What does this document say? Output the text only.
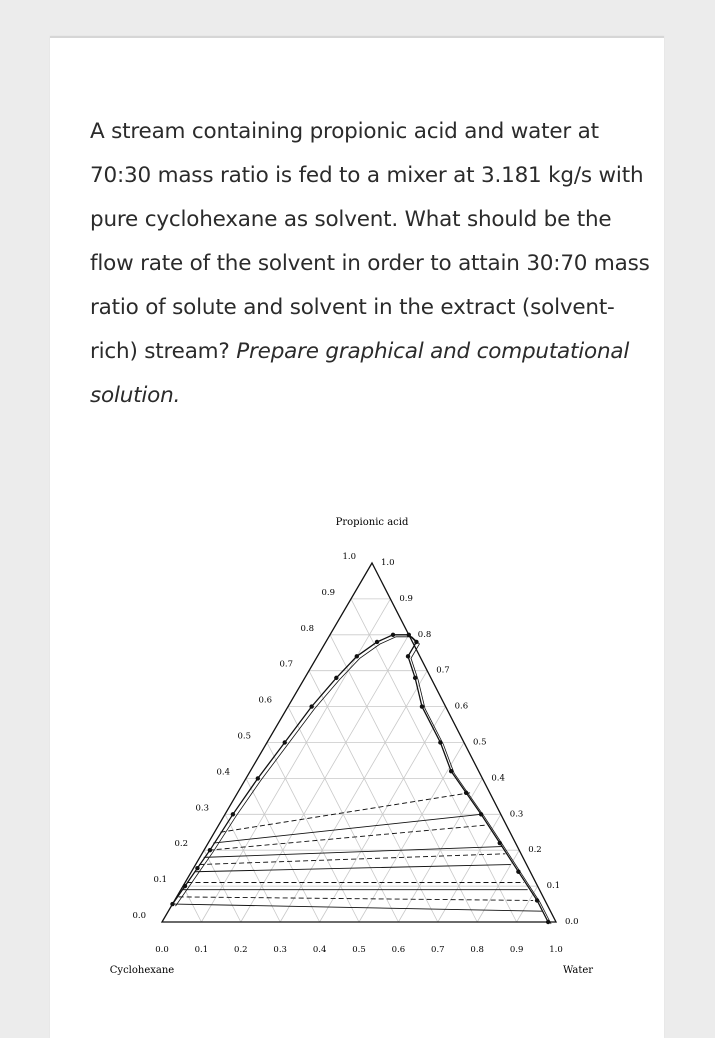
A stream containing propionic acid and water at 70:30 mass ratio is fed to a mixer at 3.181 kg/s with pure cyclohexane as solvent. What should be the flow rate of the solvent in order to attain 30:70 mass ratio of solute and solvent in the extract (solvent-rich) stream? Prepare graphical and computational solution.
0.0	0.1	0.2	0.3	0.4	0.5	0.6	0.7	0.8	0.9	1.0
0.0
0.1
0.2
0.3
0.4
0.5
0.6
0.7
0.8
0.9
1.0
1.0
0.9
0.8
0.7
0.6
0.5
0.4
0.3
0.2
0.1
0.0
Propionic acid
Cyclohexane	Water
